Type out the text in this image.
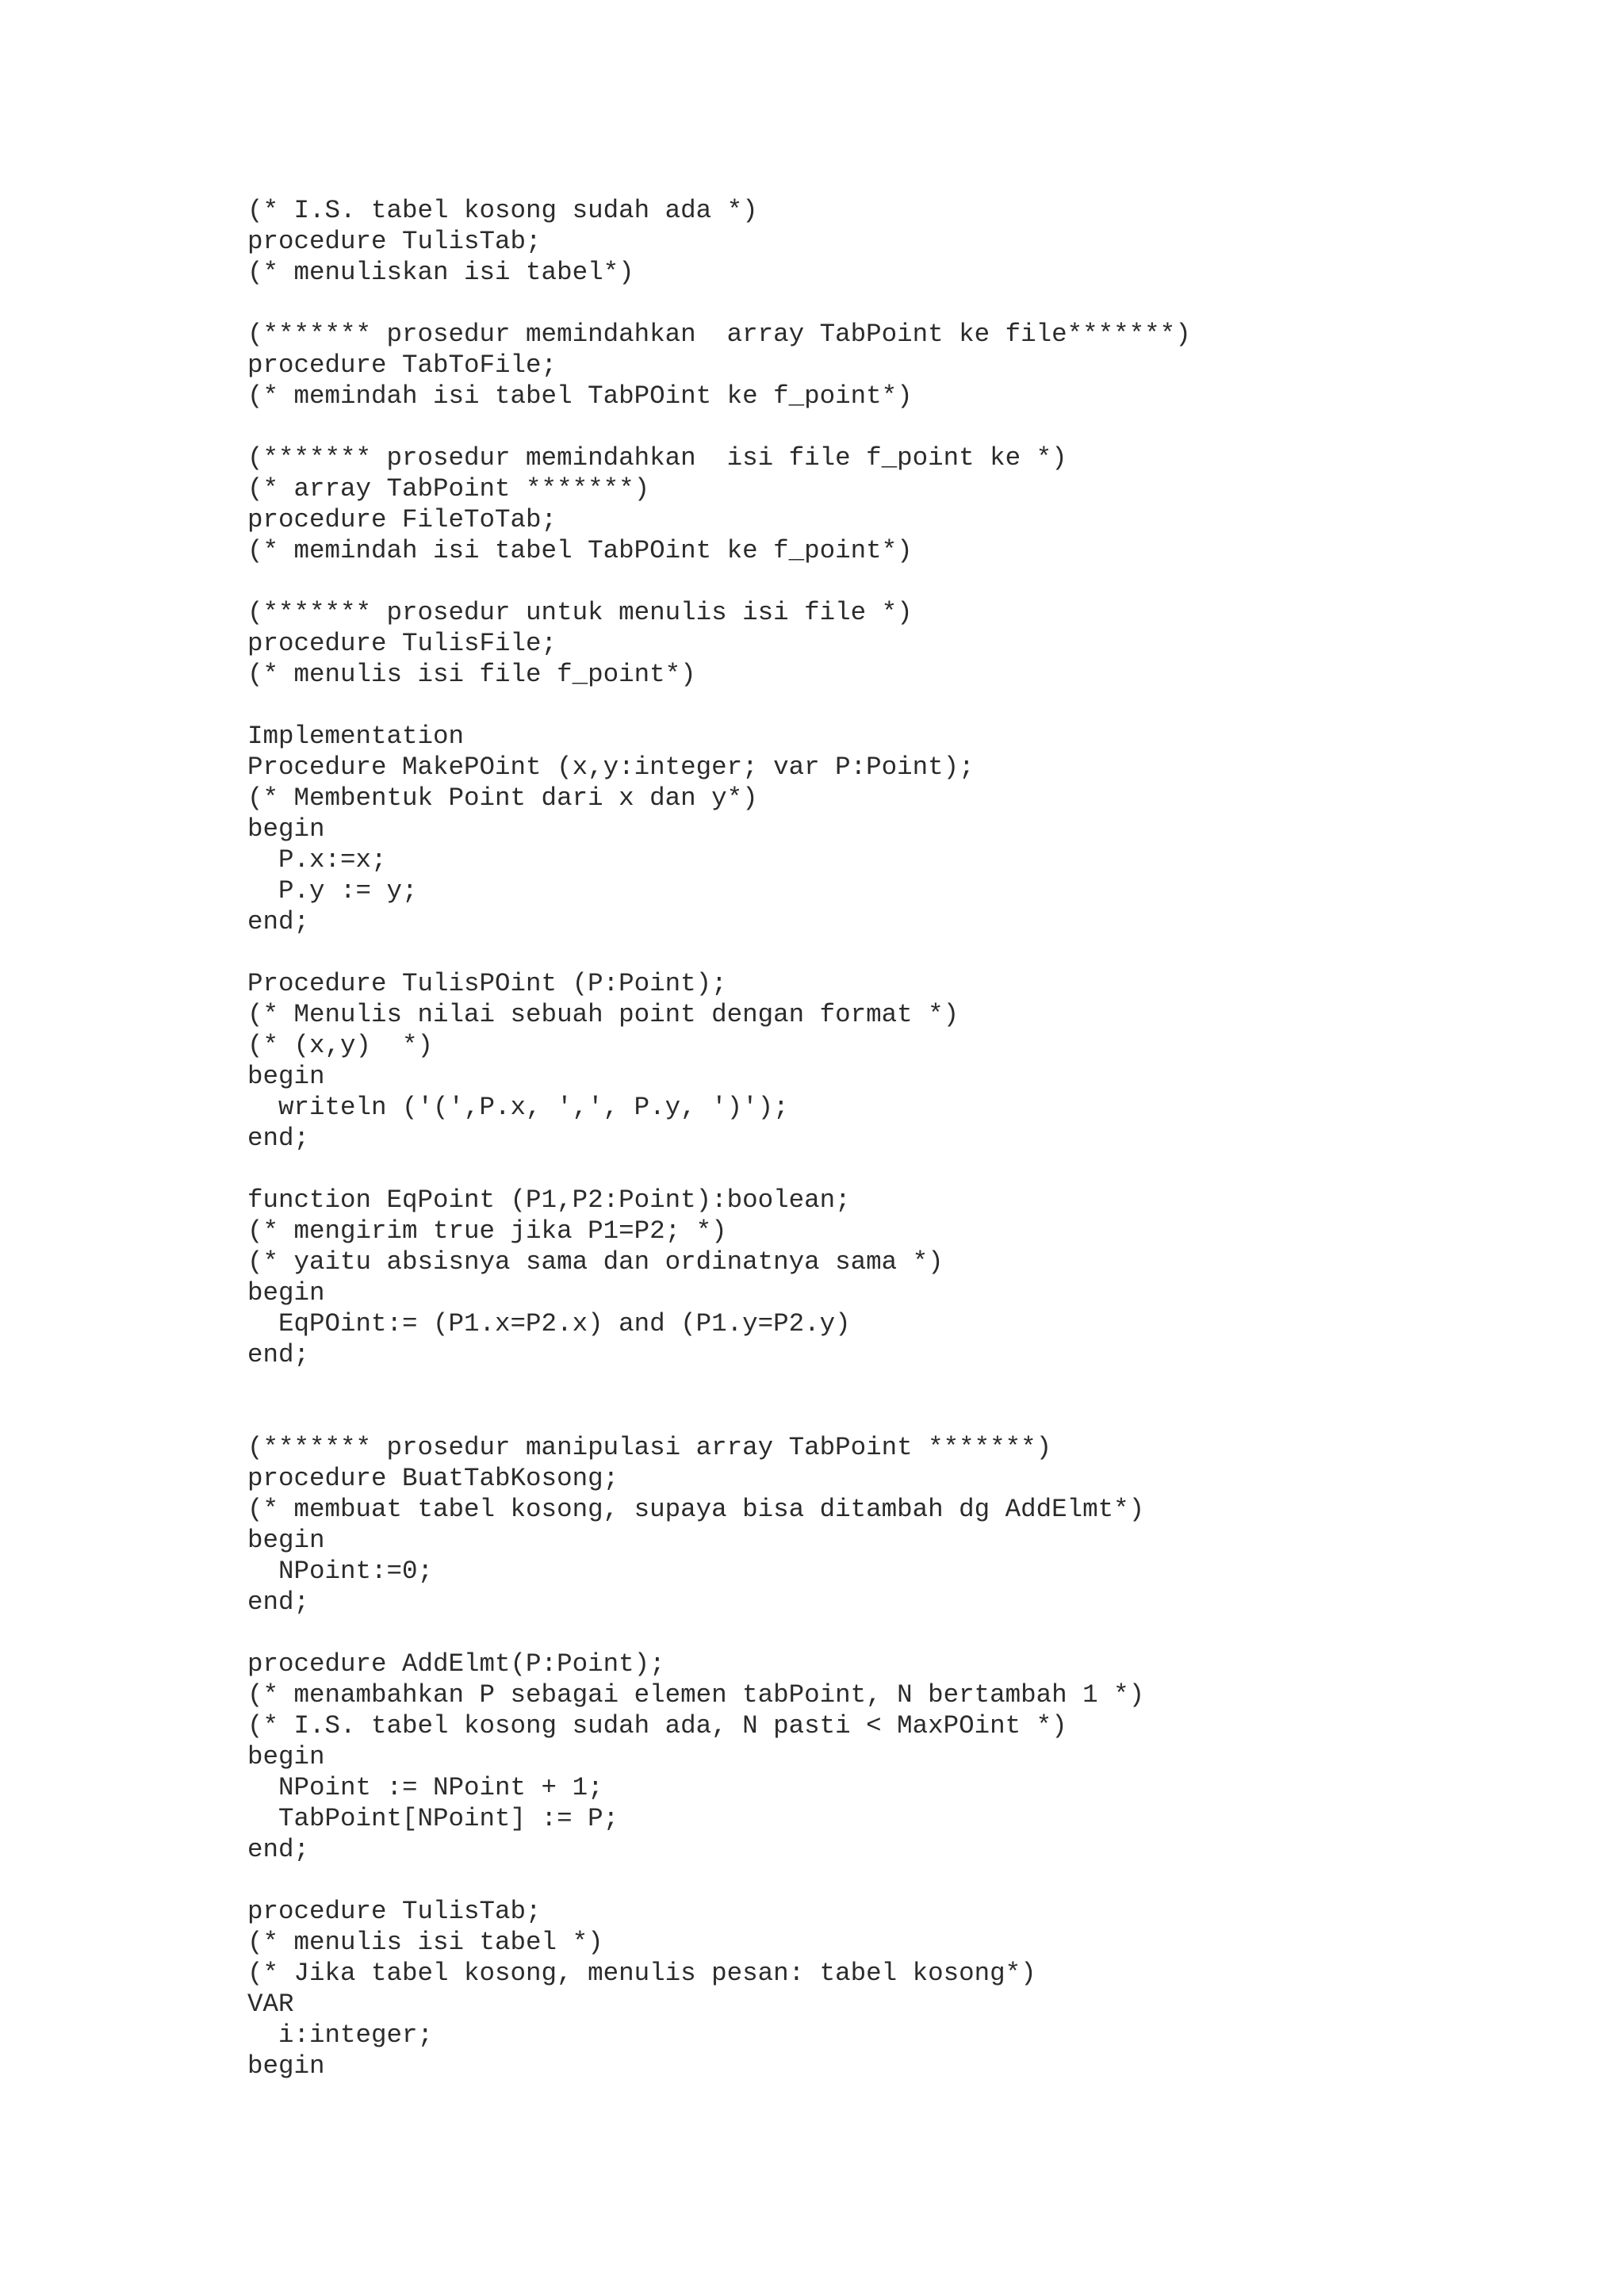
(* I.S. tabel kosong sudah ada *)
procedure TulisTab;
(* menuliskan isi tabel*)
(******* prosedur memindahkan  array TabPoint ke file*******)
procedure TabToFile;
(* memindah isi tabel TabPOint ke f_point*)
(******* prosedur memindahkan  isi file f_point ke *)
(* array TabPoint *******)
procedure FileToTab;
(* memindah isi tabel TabPOint ke f_point*)
(******* prosedur untuk menulis isi file *)
procedure TulisFile;
(* menulis isi file f_point*)
Implementation
Procedure MakePOint (x,y:integer; var P:Point);
(* Membentuk Point dari x dan y*)
begin
P.x:=x;
P.y := y;
end;
Procedure TulisPOint (P:Point);
(* Menulis nilai sebuah point dengan format *)
(* (x,y)  *)
begin
writeln ('(',P.x, ',', P.y, ')');
end;
function EqPoint (P1,P2:Point):boolean;
(* mengirim true jika P1=P2; *)
(* yaitu absisnya sama dan ordinatnya sama *)
begin
EqPOint:= (P1.x=P2.x) and (P1.y=P2.y)
end;
(******* prosedur manipulasi array TabPoint *******)
procedure BuatTabKosong;
(* membuat tabel kosong, supaya bisa ditambah dg AddElmt*)
begin
NPoint:=0;
end;
procedure AddElmt(P:Point);
(* menambahkan P sebagai elemen tabPoint, N bertambah 1 *)
(* I.S. tabel kosong sudah ada, N pasti < MaxPOint *)
begin
NPoint := NPoint + 1;
TabPoint[NPoint] := P;
end;
procedure TulisTab;
(* menulis isi tabel *)
(* Jika tabel kosong, menulis pesan: tabel kosong*)
VAR
i:integer;
begin
